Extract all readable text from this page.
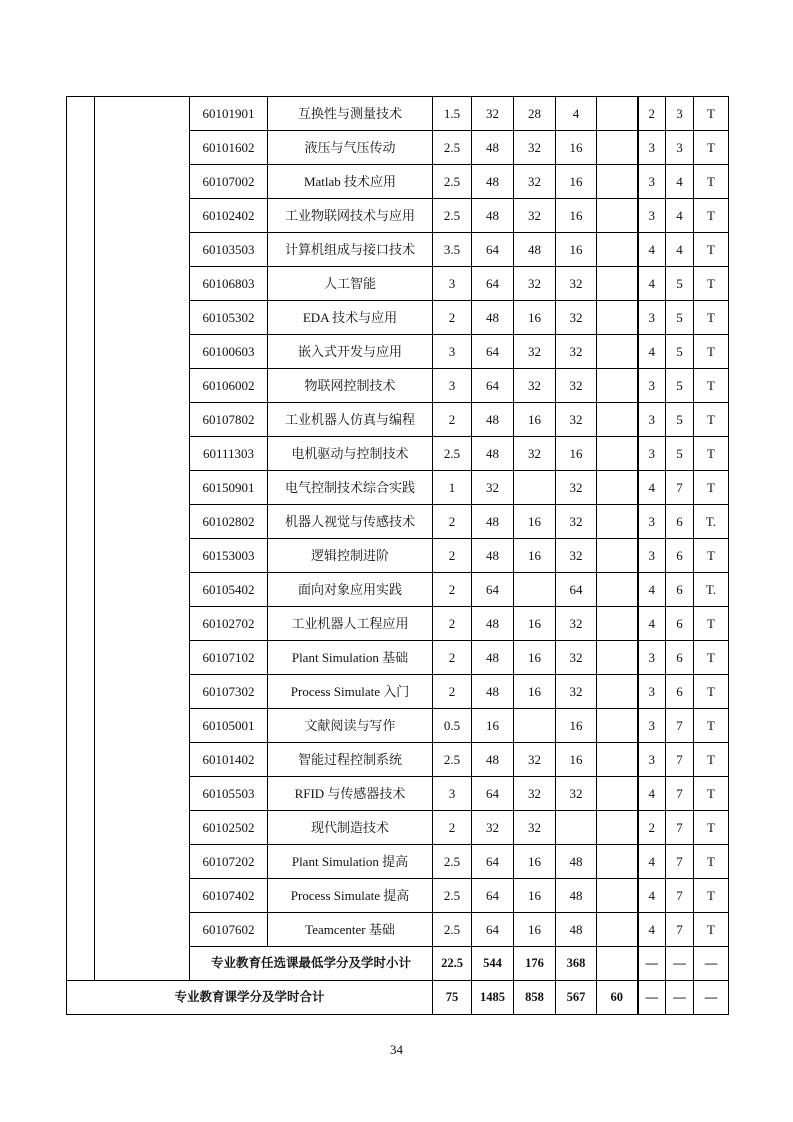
		60101901	互换性与测量技术	1.5	32	28	4		2	3	T
		60101602	液压与气压传动	2.5	48	32	16		3	3	T
		60107002	Matlab 技术应用	2.5	48	32	16		3	4	T
		60102402	工业物联网技术与应用	2.5	48	32	16		3	4	T
		60103503	计算机组成与接口技术	3.5	64	48	16		4	4	T
		60106803	人工智能	3	64	32	32		4	5	T
		60105302	EDA 技术与应用	2	48	16	32		3	5	T
		60100603	嵌入式开发与应用	3	64	32	32		4	5	T
		60106002	物联网控制技术	3	64	32	32		3	5	T
		60107802	工业机器人仿真与编程	2	48	16	32		3	5	T
		60111303	电机驱动与控制技术	2.5	48	32	16		3	5	T
		60150901	电气控制技术综合实践	1	32		32		4	7	T
		60102802	机器人视觉与传感技术	2	48	16	32		3	6	T.
		60153003	逻辑控制进阶	2	48	16	32		3	6	T
		60105402	面向对象应用实践	2	64		64		4	6	T.
		60102702	工业机器人工程应用	2	48	16	32		4	6	T
		60107102	Plant Simulation 基础	2	48	16	32		3	6	T
		60107302	Process Simulate 入门	2	48	16	32		3	6	T
		60105001	文献阅读与写作	0.5	16		16		3	7	T
		60101402	智能过程控制系统	2.5	48	32	16		3	7	T
		60105503	RFID 与传感器技术	3	64	32	32		4	7	T
		60102502	现代制造技术	2	32	32			2	7	T
		60107202	Plant Simulation 提高	2.5	64	16	48		4	7	T
		60107402	Process Simulate 提高	2.5	64	16	48		4	7	T
		60107602	Teamcenter 基础	2.5	64	16	48		4	7	T
		专业教育任选课最低学分及学时小计		22.5	544	176	368		—	—	—
专业教育课学分及学时合计				75	1485	858	567	60	—	—	—
34
